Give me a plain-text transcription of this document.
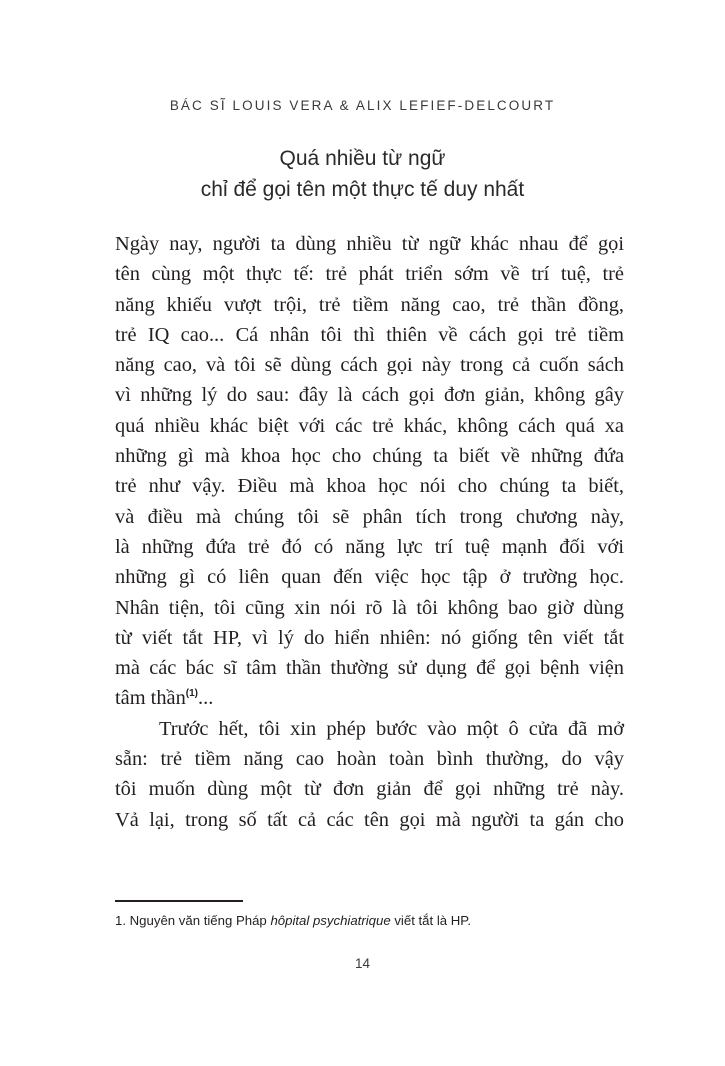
BÁC SĨ LOUIS VERA & ALIX LEFIEF-DELCOURT
Quá nhiều từ ngữ
chỉ để gọi tên một thực tế duy nhất
Ngày nay, người ta dùng nhiều từ ngữ khác nhau để gọi
tên cùng một thực tế: trẻ phát triển sớm về trí tuệ, trẻ
năng khiếu vượt trội, trẻ tiềm năng cao, trẻ thần đồng,
trẻ IQ cao... Cá nhân tôi thì thiên về cách gọi trẻ tiềm
năng cao, và tôi sẽ dùng cách gọi này trong cả cuốn sách
vì những lý do sau: đây là cách gọi đơn giản, không gây
quá nhiều khác biệt với các trẻ khác, không cách quá xa
những gì mà khoa học cho chúng ta biết về những đứa
trẻ như vậy. Điều mà khoa học nói cho chúng ta biết,
và điều mà chúng tôi sẽ phân tích trong chương này,
là những đứa trẻ đó có năng lực trí tuệ mạnh đối với
những gì có liên quan đến việc học tập ở trường học.
Nhân tiện, tôi cũng xin nói rõ là tôi không bao giờ dùng
từ viết tắt HP, vì lý do hiển nhiên: nó giống tên viết tắt
mà các bác sĩ tâm thần thường sử dụng để gọi bệnh viện
tâm thần$^{(1)}$...
Trước hết, tôi xin phép bước vào một ô cửa đã mở
sẵn: trẻ tiềm năng cao hoàn toàn bình thường, do vậy
tôi muốn dùng một từ đơn giản để gọi những trẻ này.
Vả lại, trong số tất cả các tên gọi mà người ta gán cho
1. Nguyên văn tiếng Pháp hôpital psychiatrique viết tắt là HP.
14
